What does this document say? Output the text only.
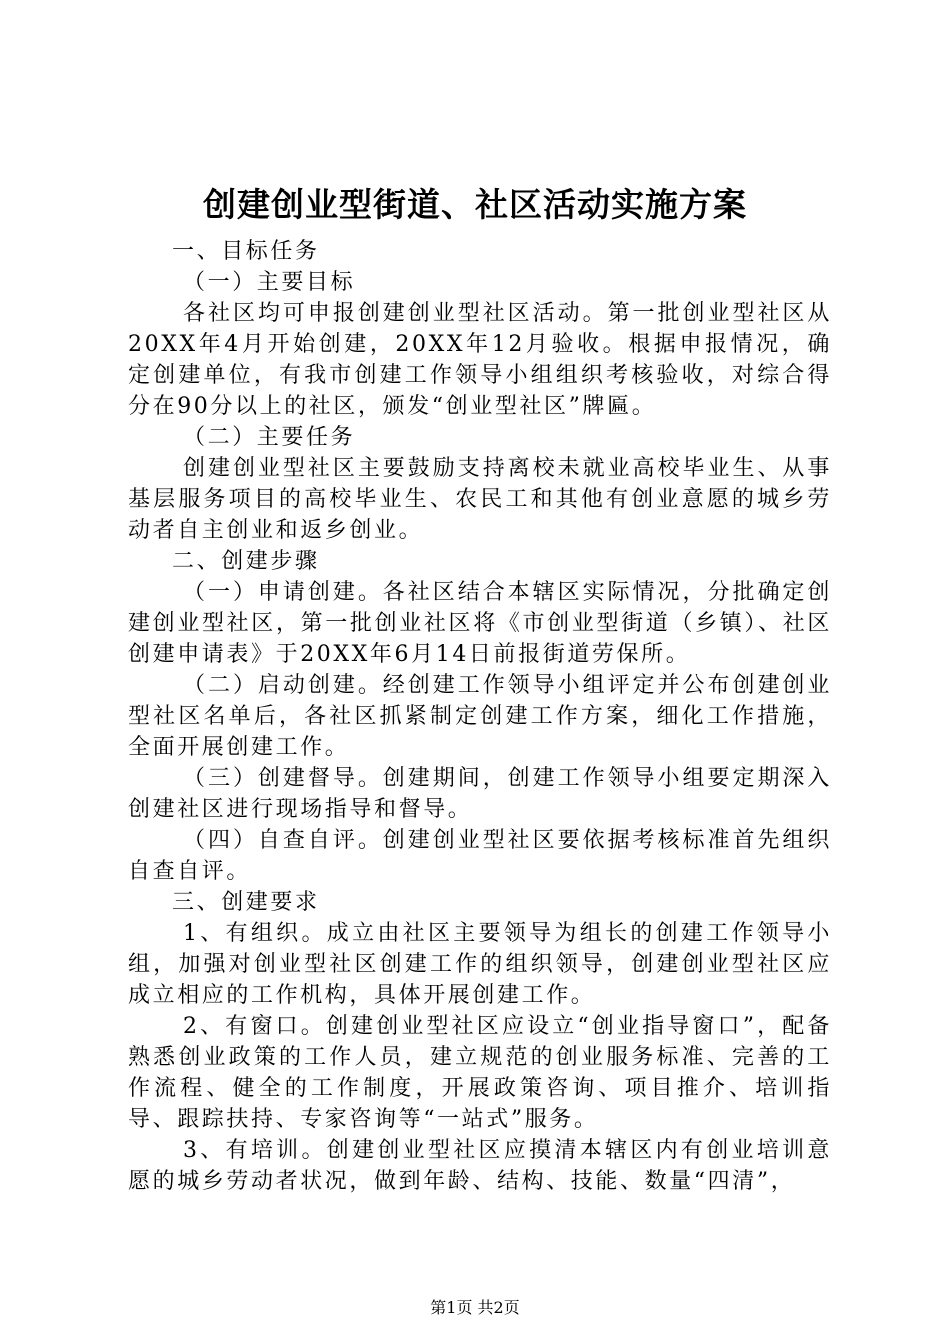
创建创业型街道、社区活动实施方案

一、目标任务

（一）主要目标

各社区均可申报创建创业型社区活动。第一批创业型社区从20XX年4月开始创建，20XX年12月验收。根据申报情况，确定创建单位，有我市创建工作领导小组组织考核验收，对综合得分在90分以上的社区，颁发“创业型社区”牌匾。

（二）主要任务

创建创业型社区主要鼓励支持离校未就业高校毕业生、从事基层服务项目的高校毕业生、农民工和其他有创业意愿的城乡劳动者自主创业和返乡创业。

二、创建步骤

（一）申请创建。各社区结合本辖区实际情况，分批确定创建创业型社区，第一批创业社区将《市创业型街道（乡镇）、社区创建申请表》于20XX年6月14日前报街道劳保所。

（二）启动创建。经创建工作领导小组评定并公布创建创业型社区名单后，各社区抓紧制定创建工作方案，细化工作措施，全面开展创建工作。

（三）创建督导。创建期间，创建工作领导小组要定期深入创建社区进行现场指导和督导。

（四）自查自评。创建创业型社区要依据考核标准首先组织自查自评。

三、创建要求

1、有组织。成立由社区主要领导为组长的创建工作领导小组，加强对创业型社区创建工作的组织领导，创建创业型社区应成立相应的工作机构，具体开展创建工作。

2、有窗口。创建创业型社区应设立“创业指导窗口”，配备熟悉创业政策的工作人员，建立规范的创业服务标准、完善的工作流程、健全的工作制度，开展政策咨询、项目推介、培训指导、跟踪扶持、专家咨询等“一站式”服务。

3、有培训。创建创业型社区应摸清本辖区内有创业培训意愿的城乡劳动者状况，做到年龄、结构、技能、数量“四清”，

第1页 共2页
